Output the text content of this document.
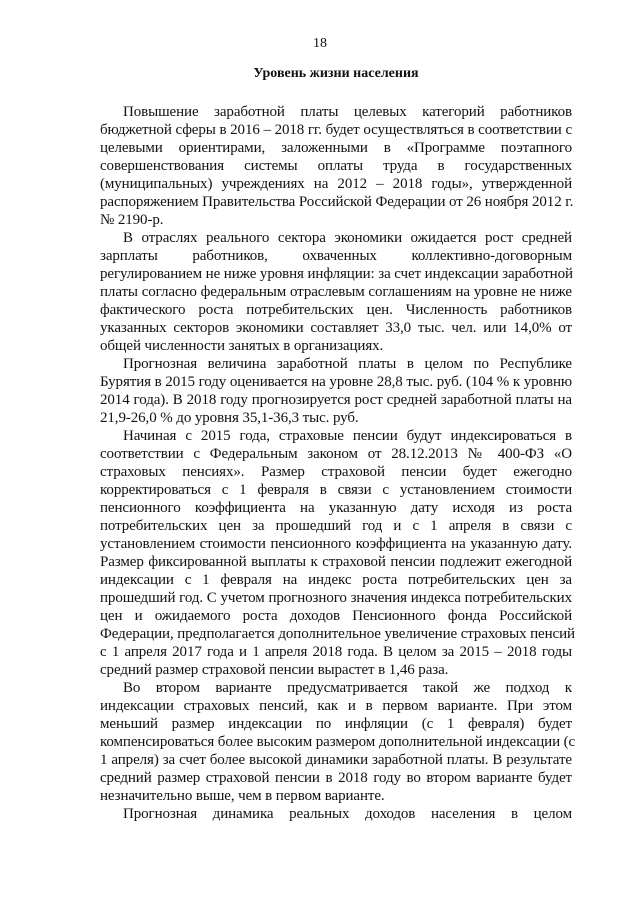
18
Уровень жизни населения
Повышение заработной платы целевых категорий работников
бюджетной сферы в 2016 – 2018 гг. будет осуществляться в соответствии с
целевыми ориентирами, заложенными в «Программе поэтапного
совершенствования системы оплаты труда в государственных
(муниципальных) учреждениях на 2012 – 2018 годы», утвержденной
распоряжением Правительства Российской Федерации от 26 ноября 2012 г.
№ 2190-р.
В отраслях реального сектора экономики ожидается рост средней
зарплаты работников, охваченных коллективно-договорным
регулированием не ниже уровня инфляции: за счет индексации заработной
платы согласно федеральным отраслевым соглашениям на уровне не ниже
фактического роста потребительских цен. Численность работников
указанных секторов экономики составляет 33,0 тыс. чел. или 14,0% от
общей численности занятых в организациях.
Прогнозная величина заработной платы в целом по Республике
Бурятия в 2015 году оценивается на уровне 28,8 тыс. руб. (104 % к уровню
2014 года). В 2018 году прогнозируется рост средней заработной платы на
21,9-26,0 % до уровня 35,1-36,3 тыс. руб.
Начиная с 2015 года, страховые пенсии будут индексироваться в
соответствии с Федеральным законом от 28.12.2013 № 400-ФЗ «О
страховых пенсиях». Размер страховой пенсии будет ежегодно
корректироваться с 1 февраля в связи с установлением стоимости
пенсионного коэффициента на указанную дату исходя из роста
потребительских цен за прошедший год и с 1 апреля в связи с
установлением стоимости пенсионного коэффициента на указанную дату.
Размер фиксированной выплаты к страховой пенсии подлежит ежегодной
индексации с 1 февраля на индекс роста потребительских цен за
прошедший год. С учетом прогнозного значения индекса потребительских
цен и ожидаемого роста доходов Пенсионного фонда Российской
Федерации, предполагается дополнительное увеличение страховых пенсий
с 1 апреля 2017 года и 1 апреля 2018 года. В целом за 2015 – 2018 годы
средний размер страховой пенсии вырастет в 1,46 раза.
Во втором варианте предусматривается такой же подход к
индексации страховых пенсий, как и в первом варианте. При этом
меньший размер индексации по инфляции (с 1 февраля) будет
компенсироваться более высоким размером дополнительной индексации (с
1 апреля) за счет более высокой динамики заработной платы. В результате
средний размер страховой пенсии в 2018 году во втором варианте будет
незначительно выше, чем в первом варианте.
Прогнозная динамика реальных доходов населения в целом
